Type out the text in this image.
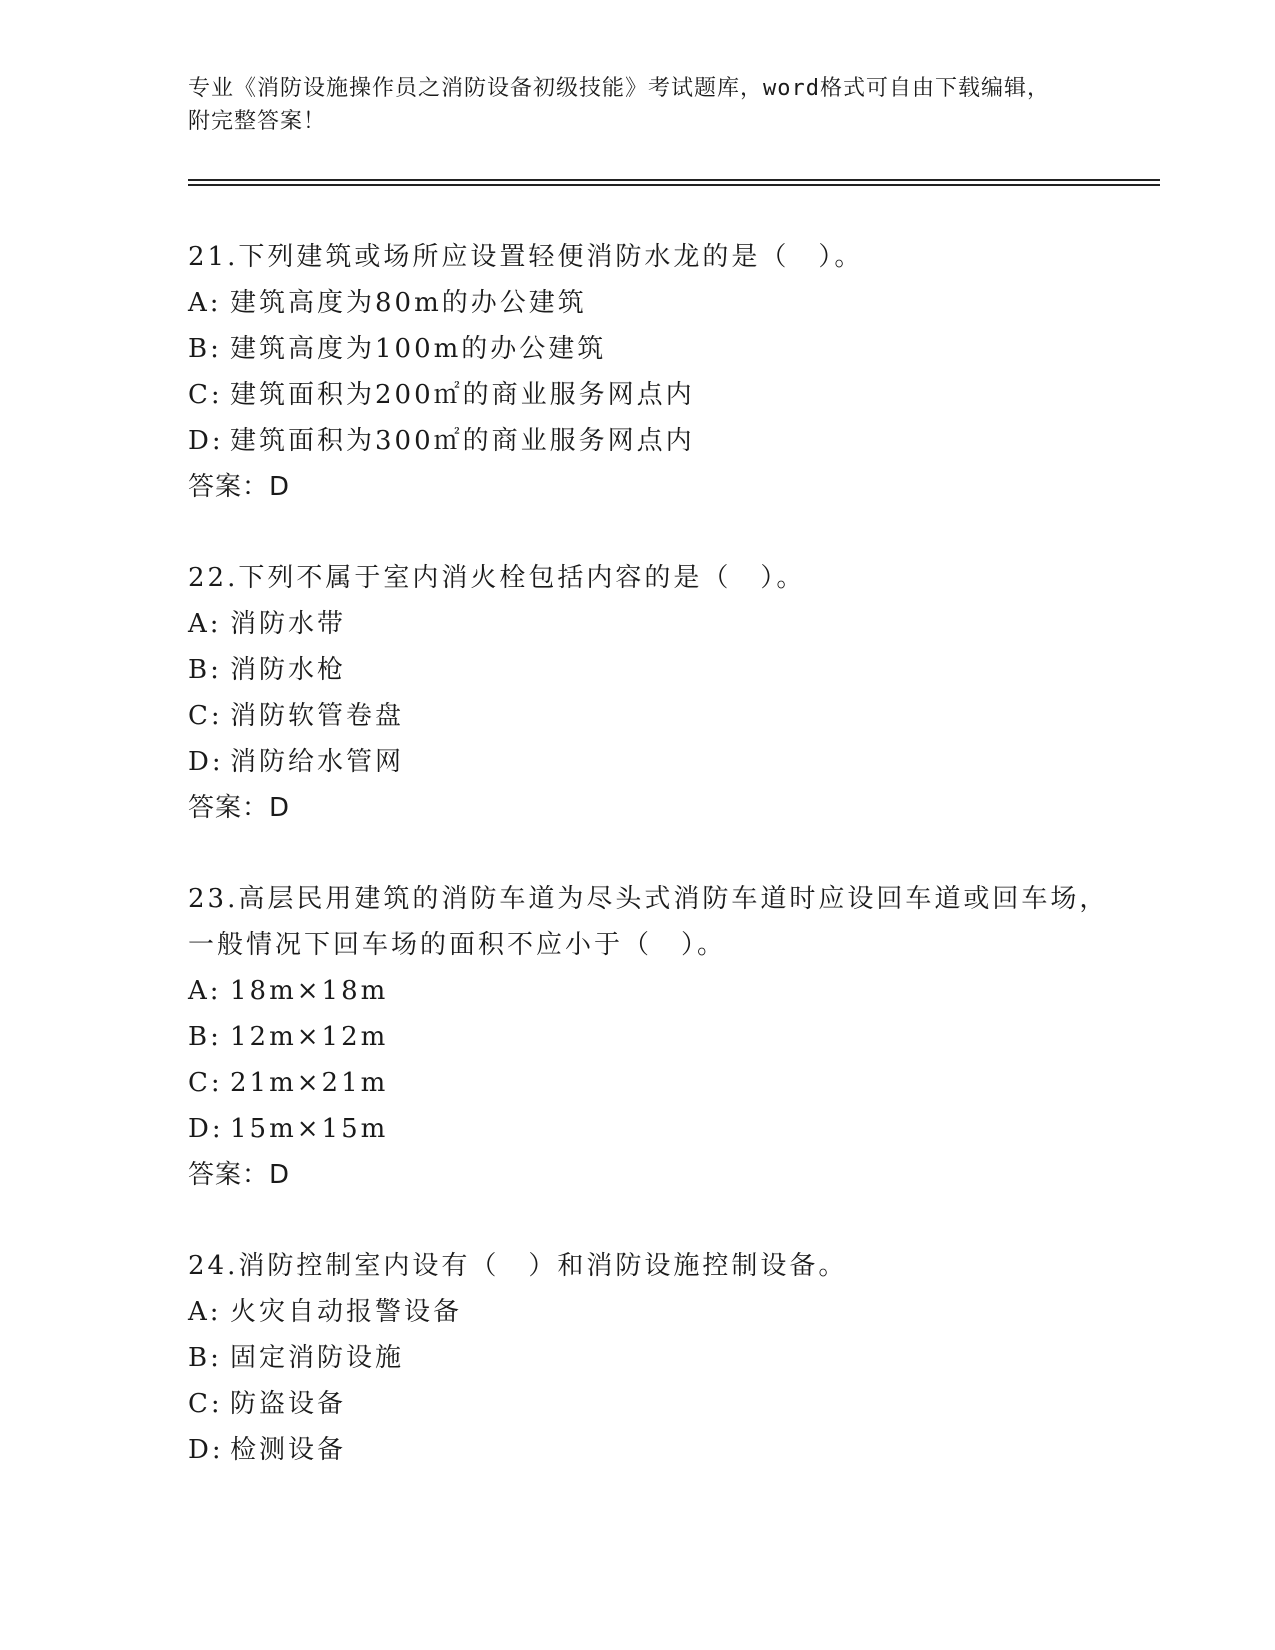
专业《消防设施操作员之消防设备初级技能》考试题库，word格式可自由下载编辑，附完整答案！
21.下列建筑或场所应设置轻便消防水龙的是（　）。
A: 建筑高度为80m的办公建筑
B: 建筑高度为100m的办公建筑
C: 建筑面积为200㎡的商业服务网点内
D: 建筑面积为300㎡的商业服务网点内
答案：D
22.下列不属于室内消火栓包括内容的是（　）。
A: 消防水带
B: 消防水枪
C: 消防软管卷盘
D: 消防给水管网
答案：D
23.高层民用建筑的消防车道为尽头式消防车道时应设回车道或回车场，一般情况下回车场的面积不应小于（　）。
A: 18m×18m
B: 12m×12m
C: 21m×21m
D: 15m×15m
答案：D
24.消防控制室内设有（　）和消防设施控制设备。
A: 火灾自动报警设备
B: 固定消防设施
C: 防盗设备
D: 检测设备
